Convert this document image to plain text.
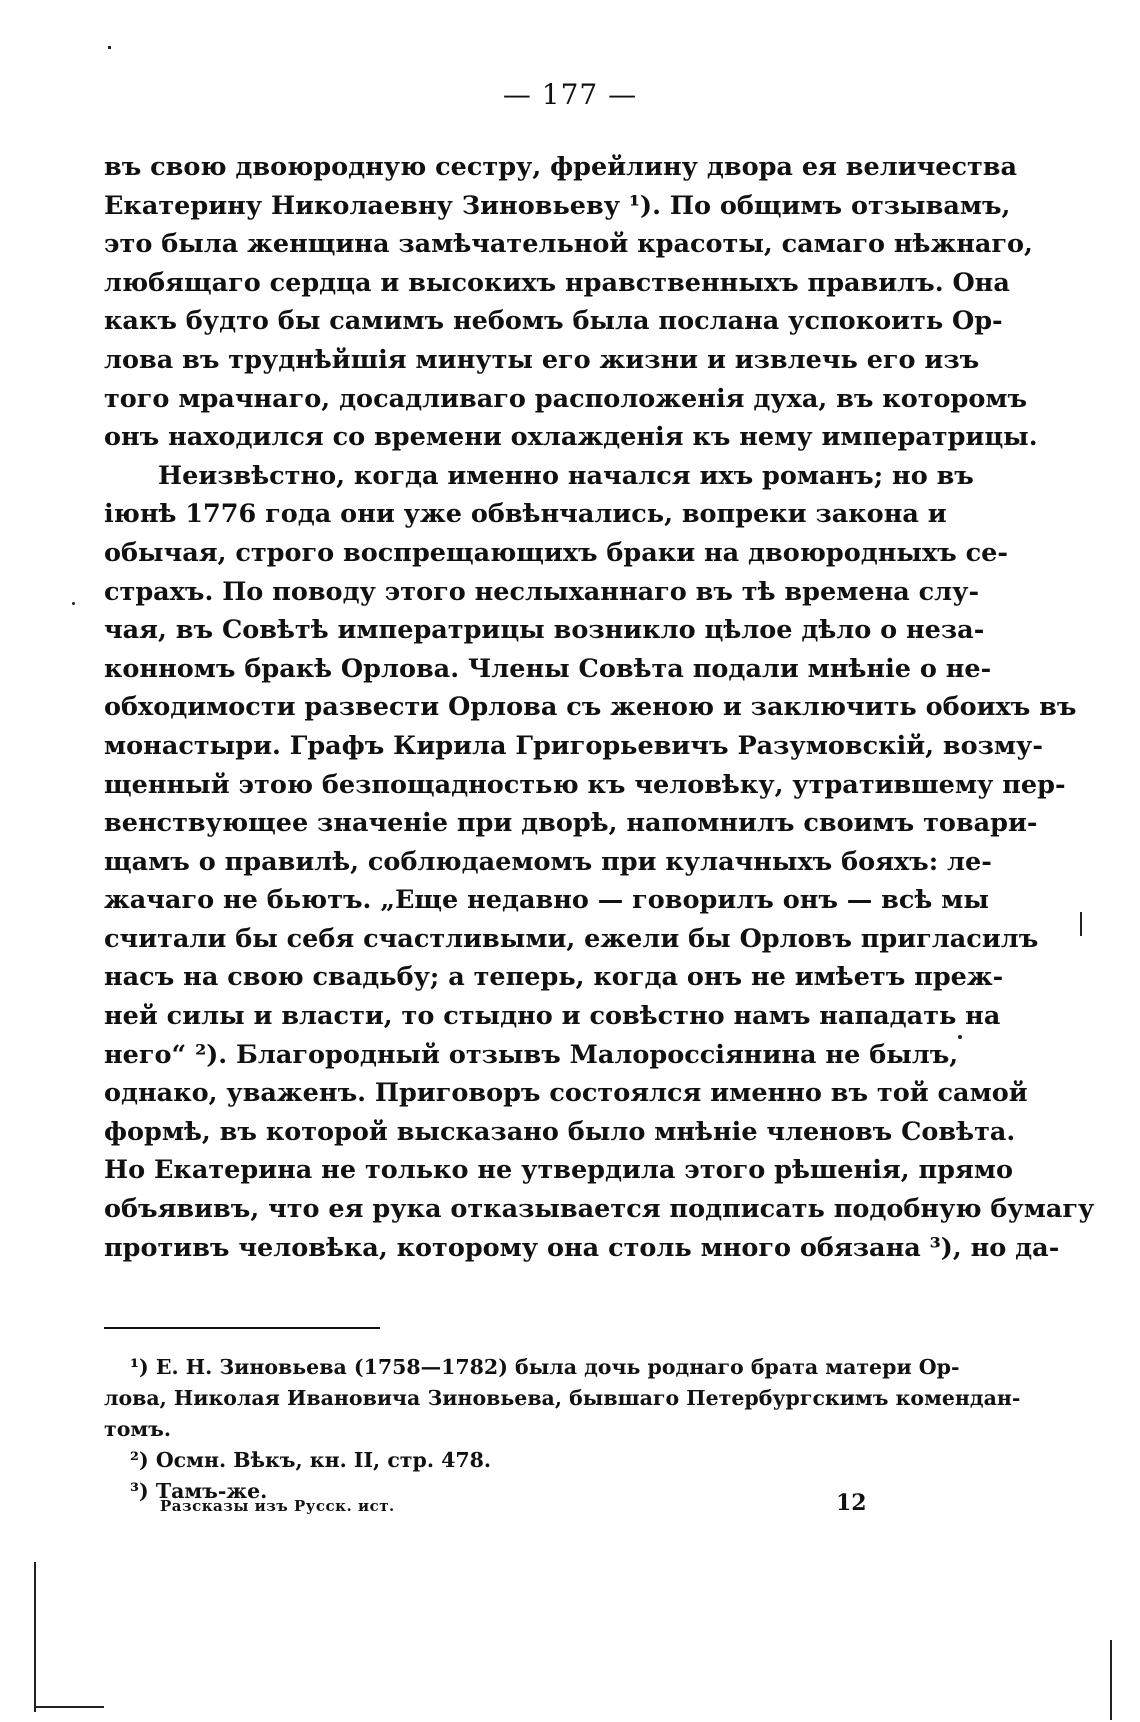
— 177 —
въ свою двоюродную сестру, фрейлину двора ея величества
Екатерину Николаевну Зиновьеву ¹). По общимъ отзывамъ,
это была женщина замѣчательной красоты, самаго нѣжнаго,
любящаго сердца и высокихъ нравственныхъ правилъ. Она
какъ будто бы самимъ небомъ была послана успокоить Ор-
лова въ труднѣйшія минуты его жизни и извлечь его изъ
того мрачнаго, досадливаго расположенія духа, въ которомъ
онъ находился со времени охлажденія къ нему императрицы.
Неизвѣстно, когда именно начался ихъ романъ; но въ
іюнѣ 1776 года они уже обвѣнчались, вопреки закона и
обычая, строго воспрещающихъ браки на двоюродныхъ се-
страхъ. По поводу этого неслыханнаго въ тѣ времена слу-
чая, въ Совѣтѣ императрицы возникло цѣлое дѣло о неза-
конномъ бракѣ Орлова. Члены Совѣта подали мнѣніе о не-
обходимости развести Орлова съ женою и заключить обоихъ въ
монастыри. Графъ Кирила Григорьевичъ Разумовскій, возму-
щенный этою безпощадностью къ человѣку, утратившему пер-
венствующее значеніе при дворѣ, напомнилъ своимъ товари-
щамъ о правилѣ, соблюдаемомъ при кулачныхъ бояхъ: ле-
жачаго не бьютъ. „Еще недавно — говорилъ онъ — всѣ мы
считали бы себя счастливыми, ежели бы Орловъ пригласилъ
насъ на свою свадьбу; а теперь, когда онъ не имѣетъ преж-
ней силы и власти, то стыдно и совѣстно намъ нападать на
него“ ²). Благородный отзывъ Малороссіянина не былъ,
однако, уваженъ. Приговоръ состоялся именно въ той самой
формѣ, въ которой высказано было мнѣніе членовъ Совѣта.
Но Екатерина не только не утвердила этого рѣшенія, прямо
объявивъ, что ея рука отказывается подписать подобную бумагу
противъ человѣка, которому она столь много обязана ³), но да-
¹) Е. Н. Зиновьева (1758—1782) была дочь роднаго брата матери Ор-
лова, Николая Ивановича Зиновьева, бывшаго Петербургскимъ комендан-
томъ.
²) Осмн. Вѣкъ, кн. II, стр. 478.
³) Тамъ-же.
Разсказы изъ Русск. ист.	12
